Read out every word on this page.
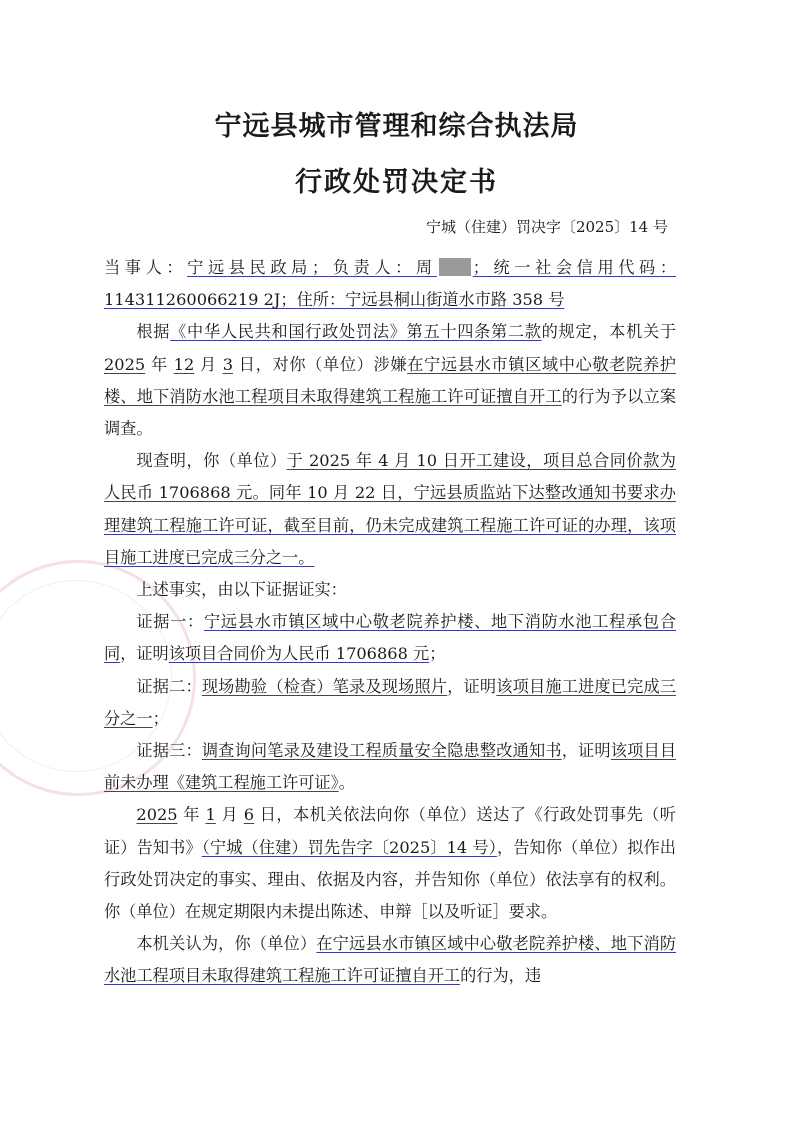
宁远县城市管理和综合执法局
行政处罚决定书
宁城（住建）罚决字〔2025〕14 号

当事人：宁远县民政局；负责人：周 ；统一社会信用代码：114311260066219 2J；住所：宁远县桐山街道水市路 358 号

根据《中华人民共和国行政处罚法》第五十四条第二款的规定，本机关于2025 年 12 月 3 日，对你（单位）涉嫌在宁远县水市镇区域中心敬老院养护楼、地下消防水池工程项目未取得建筑工程施工许可证擅自开工的行为予以立案调查。

现查明，你（单位）于 2025 年 4 月 10 日开工建设，项目总合同价款为人民币 1706868 元。同年 10 月 22 日，宁远县质监站下达整改通知书要求办理建筑工程施工许可证，截至目前，仍未完成建筑工程施工许可证的办理，该项目施工进度已完成三分之一。

上述事实，由以下证据证实：

证据一：宁远县水市镇区域中心敬老院养护楼、地下消防水池工程承包合同，证明该项目合同价为人民币 1706868 元；

证据二：现场勘验（检查）笔录及现场照片，证明该项目施工进度已完成三分之一；

证据三：调查询问笔录及建设工程质量安全隐患整改通知书，证明该项目目前未办理《建筑工程施工许可证》。

2025 年 1 月 6 日，本机关依法向你（单位）送达了《行政处罚事先（听证）告知书》（宁城（住建）罚先告字〔2025〕14 号），告知你（单位）拟作出行政处罚决定的事实、理由、依据及内容，并告知你（单位）依法享有的权利。你（单位）在规定期限内未提出陈述、申辩［以及听证］要求。

本机关认为，你（单位）在宁远县水市镇区域中心敬老院养护楼、地下消防水池工程项目未取得建筑工程施工许可证擅自开工的行为，违
